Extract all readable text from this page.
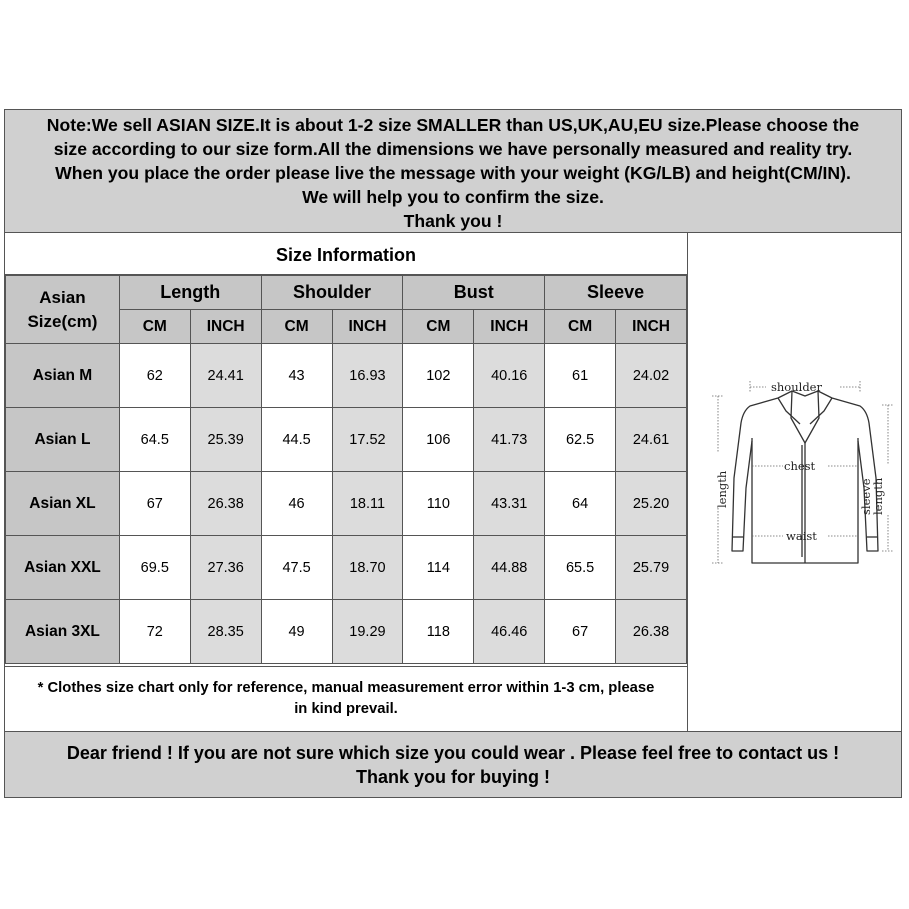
Note:We sell ASIAN SIZE.It is about 1-2 size SMALLER than US,UK,AU,EU size.Please choose the
size according to our size form.All the dimensions we have personally measured and reality try.
When you place the order please live the message with your weight (KG/LB) and height(CM/IN).
We will help you to confirm the size.
Thank you !
Size Information
Asian
Size(cm)	Length		Shoulder		Bust		Sleeve	
	CM	INCH	CM	INCH	CM	INCH	CM	INCH
Asian M	62	24.41	43	16.93	102	40.16	61	24.02
Asian L	64.5	25.39	44.5	17.52	106	41.73	62.5	24.61
Asian XL	67	26.38	46	18.11	110	43.31	64	25.20
Asian XXL	69.5	27.36	47.5	18.70	114	44.88	65.5	25.79
Asian 3XL	72	28.35	49	19.29	118	46.46	67	26.38
* Clothes size chart only for reference, manual measurement error within 1-3 cm, please
in kind prevail.
shoulder
chest
waist
length	sleeve
length
Dear friend ! If you are not sure which size you could wear . Please feel free to contact us !
Thank you for buying !
